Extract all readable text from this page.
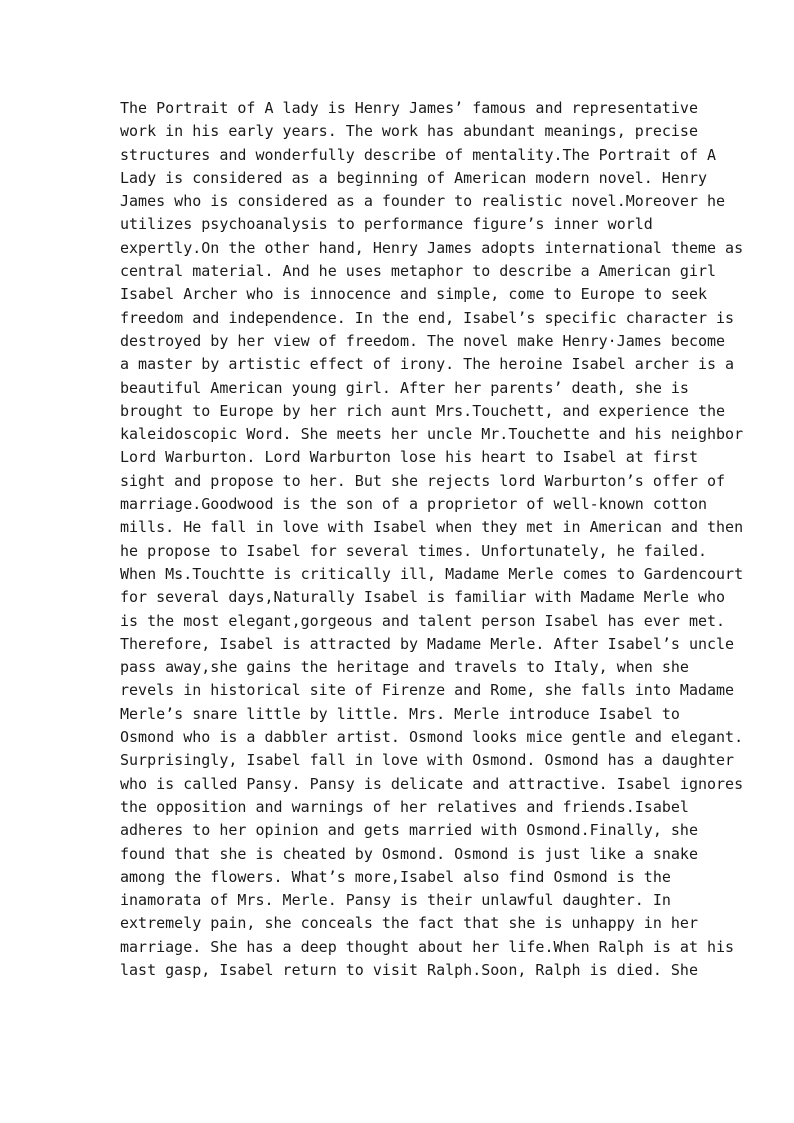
The Portrait of A lady is Henry James’ famous and representative
work in his early years. The work has abundant meanings, precise
structures and wonderfully describe of mentality.The Portrait of A
Lady is considered as a beginning of American modern novel. Henry
James who is considered as a founder to realistic novel.Moreover he
utilizes psychoanalysis to performance figure’s inner world
expertly.On the other hand, Henry James adopts international theme as
central material. And he uses metaphor to describe a American girl
Isabel Archer who is innocence and simple, come to Europe to seek
freedom and independence. In the end, Isabel’s specific character is
destroyed by her view of freedom. The novel make Henry·James become
a master by artistic effect of irony. The heroine Isabel archer is a
beautiful American young girl. After her parents’ death, she is
brought to Europe by her rich aunt Mrs.Touchett, and experience the
kaleidoscopic Word. She meets her uncle Mr.Touchette and his neighbor
Lord Warburton. Lord Warburton lose his heart to Isabel at first
sight and propose to her. But she rejects lord Warburton’s offer of
marriage.Goodwood is the son of a proprietor of well-known cotton
mills. He fall in love with Isabel when they met in American and then
he propose to Isabel for several times. Unfortunately, he failed.
When Ms.Touchtte is critically ill, Madame Merle comes to Gardencourt
for several days,Naturally Isabel is familiar with Madame Merle who
is the most elegant,gorgeous and talent person Isabel has ever met.
Therefore, Isabel is attracted by Madame Merle. After Isabel’s uncle
pass away,she gains the heritage and travels to Italy, when she
revels in historical site of Firenze and Rome, she falls into Madame
Merle’s snare little by little. Mrs. Merle introduce Isabel to
Osmond who is a dabbler artist. Osmond looks mice gentle and elegant.
Surprisingly, Isabel fall in love with Osmond. Osmond has a daughter
who is called Pansy. Pansy is delicate and attractive. Isabel ignores
the opposition and warnings of her relatives and friends.Isabel
adheres to her opinion and gets married with Osmond.Finally, she
found that she is cheated by Osmond. Osmond is just like a snake
among the flowers. What’s more,Isabel also find Osmond is the
inamorata of Mrs. Merle. Pansy is their unlawful daughter. In
extremely pain, she conceals the fact that she is unhappy in her
marriage. She has a deep thought about her life.When Ralph is at his
last gasp, Isabel return to visit Ralph.Soon, Ralph is died. She
